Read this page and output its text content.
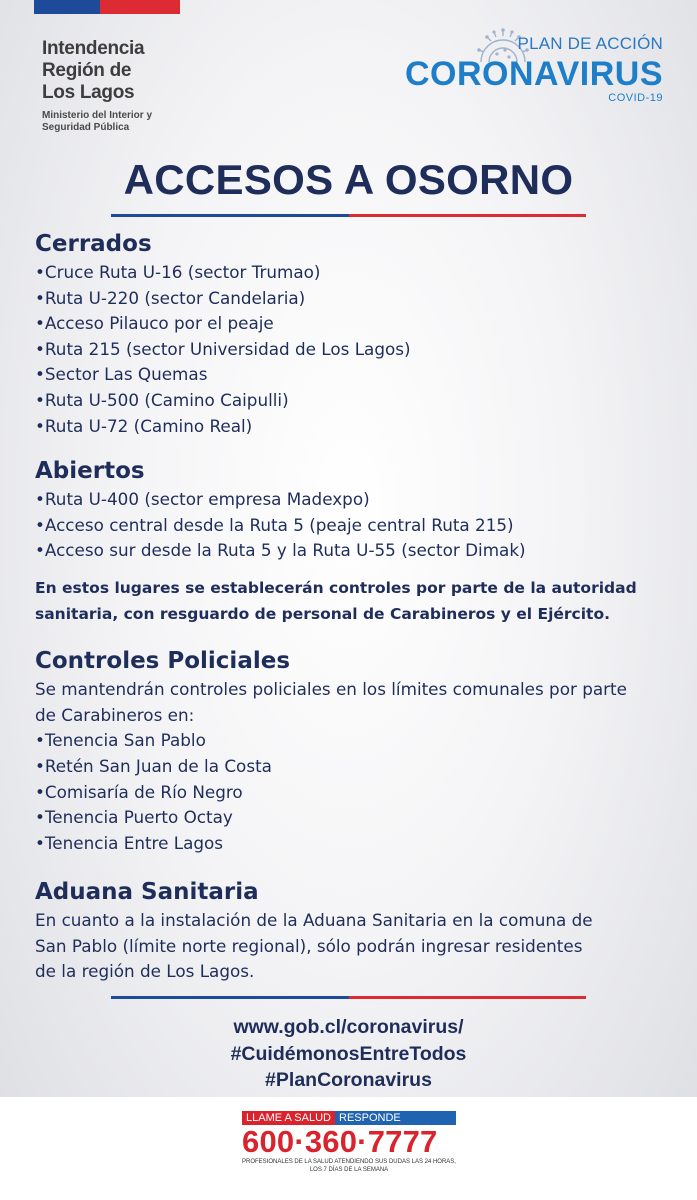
Intendencia
Región de
Los Lagos
Ministerio del Interior y
Seguridad Pública
PLAN DE ACCIÓN
CORONAVIRUS
COVID-19
ACCESOS A OSORNO
Cerrados
•Cruce Ruta U-16 (sector Trumao)
•Ruta U-220 (sector Candelaria)
•Acceso Pilauco por el peaje
•Ruta 215 (sector Universidad de Los Lagos)
•Sector Las Quemas
•Ruta U-500 (Camino Caipulli)
•Ruta U-72 (Camino Real)
Abiertos
•Ruta U-400 (sector empresa Madexpo)
•Acceso central desde la Ruta 5 (peaje central Ruta 215)
•Acceso sur desde la Ruta 5 y la Ruta U-55 (sector Dimak)
En estos lugares se establecerán controles por parte de la autoridad
sanitaria, con resguardo de personal de Carabineros y el Ejército.
Controles Policiales
Se mantendrán controles policiales en los límites comunales por parte
de Carabineros en:
•Tenencia San Pablo
•Retén San Juan de la Costa
•Comisaría de Río Negro
•Tenencia Puerto Octay
•Tenencia Entre Lagos
Aduana Sanitaria
En cuanto a la instalación de la Aduana Sanitaria en la comuna de
San Pablo (límite norte regional), sólo podrán ingresar residentes
de la región de Los Lagos.
www.gob.cl/coronavirus/
#CuidémonosEntreTodos
#PlanCoronavirus
LLAME A SALUD RESPONDE
600·360·7777
PROFESIONALES DE LA SALUD ATENDIENDO SUS DUDAS LAS 24 HORAS,
LOS 7 DÍAS DE LA SEMANA
